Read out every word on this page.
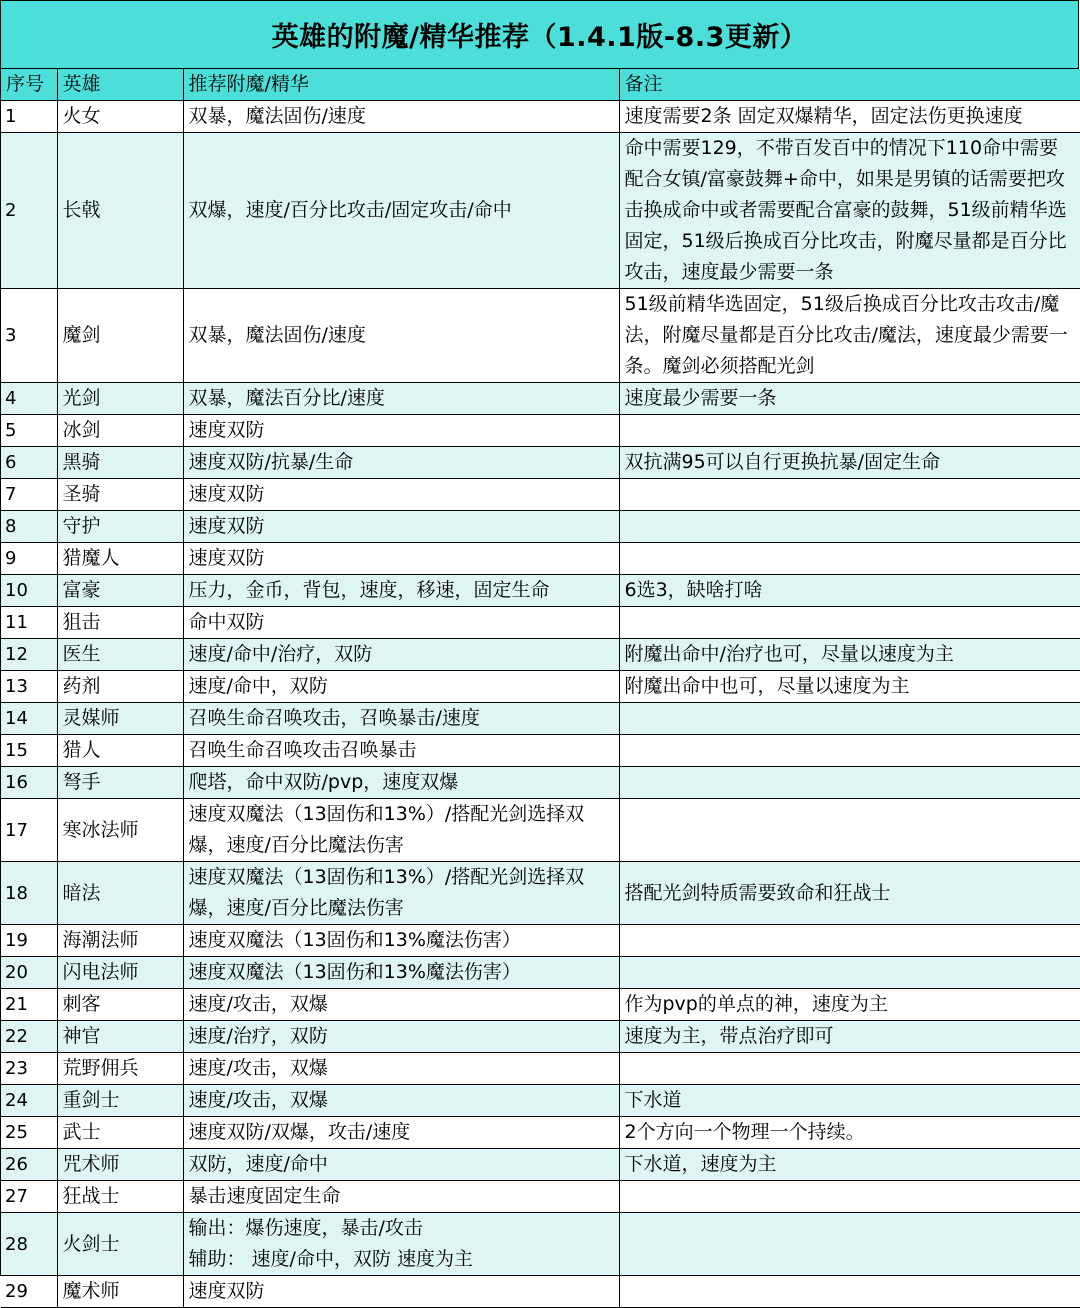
英雄的附魔/精华推荐（1.4.1版-8.3更新）
序号	英雄	推荐附魔/精华	备注
1	火女	双暴，魔法固伤/速度	速度需要2条 固定双爆精华，固定法伤更换速度
2	长戟	双爆，速度/百分比攻击/固定攻击/命中	命中需要129，不带百发百中的情况下110命中需要配合女镇/富豪鼓舞+命中，如果是男镇的话需要把攻击换成命中或者需要配合富豪的鼓舞，51级前精华选固定，51级后换成百分比攻击，附魔尽量都是百分比攻击，速度最少需要一条
3	魔剑	双暴，魔法固伤/速度	51级前精华选固定，51级后换成百分比攻击攻击/魔法，附魔尽量都是百分比攻击/魔法，速度最少需要一条。魔剑必须搭配光剑
4	光剑	双暴，魔法百分比/速度	速度最少需要一条
5	冰剑	速度双防	
6	黑骑	速度双防/抗暴/生命	双抗满95可以自行更换抗暴/固定生命
7	圣骑	速度双防	
8	守护	速度双防	
9	猎魔人	速度双防	
10	富豪	压力，金币，背包，速度，移速，固定生命	6选3，缺啥打啥
11	狙击	命中双防	
12	医生	速度/命中/治疗，双防	附魔出命中/治疗也可，尽量以速度为主
13	药剂	速度/命中，双防	附魔出命中也可，尽量以速度为主
14	灵媒师	召唤生命召唤攻击，召唤暴击/速度	
15	猎人	召唤生命召唤攻击召唤暴击	
16	弩手	爬塔，命中双防/pvp，速度双爆	
17	寒冰法师	速度双魔法（13固伤和13%）/搭配光剑选择双爆，速度/百分比魔法伤害	
18	暗法	速度双魔法（13固伤和13%）/搭配光剑选择双爆，速度/百分比魔法伤害	搭配光剑特质需要致命和狂战士
19	海潮法师	速度双魔法（13固伤和13%魔法伤害）	
20	闪电法师	速度双魔法（13固伤和13%魔法伤害）	
21	刺客	速度/攻击，双爆	作为pvp的单点的神，速度为主
22	神官	速度/治疗，双防	速度为主，带点治疗即可
23	荒野佣兵	速度/攻击，双爆	
24	重剑士	速度/攻击，双爆	下水道
25	武士	速度双防/双爆，攻击/速度	2个方向一个物理一个持续。
26	咒术师	双防，速度/命中	下水道，速度为主
27	狂战士	暴击速度固定生命	
28	火剑士	输出：爆伤速度，暴击/攻击
辅助： 速度/命中，双防 速度为主	
29	魔术师	速度双防	
